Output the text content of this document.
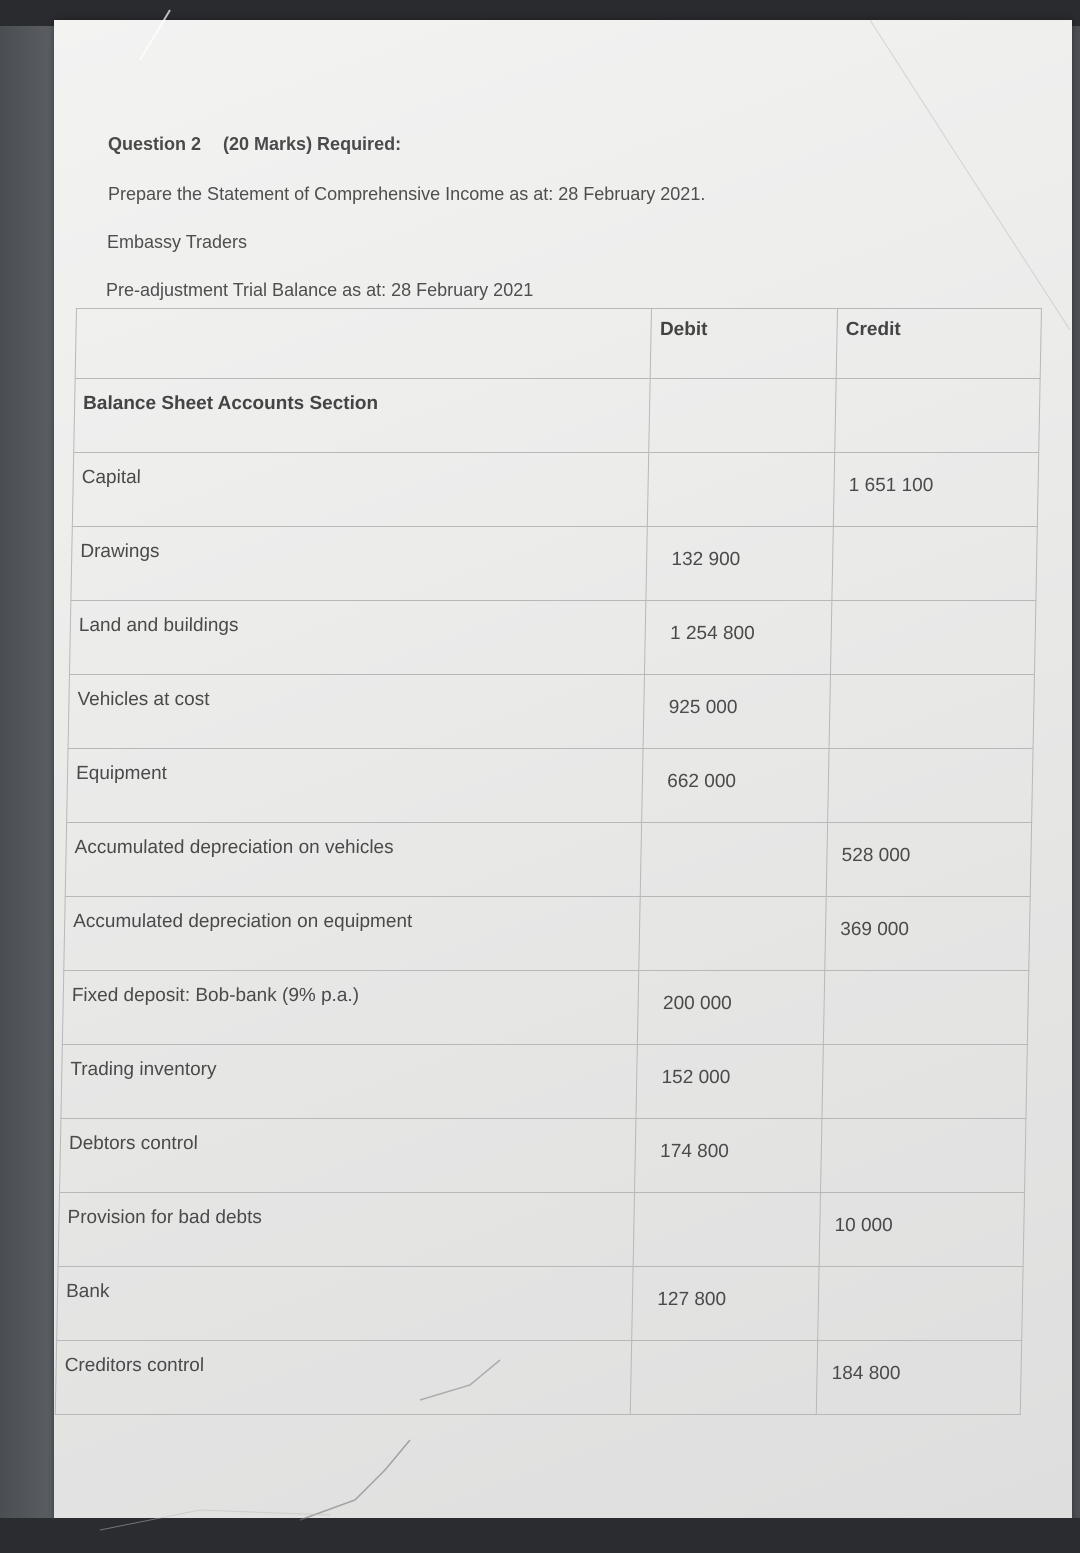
Question 2 (20 Marks) Required:
Prepare the Statement of Comprehensive Income as at: 28 February 2021.
Embassy Traders
Pre-adjustment Trial Balance as at: 28 February 2021
	Debit	Credit
Balance Sheet Accounts Section		
Capital		1 651 100
Drawings	132 900	
Land and buildings	1 254 800	
Vehicles at cost	925 000	
Equipment	662 000	
Accumulated depreciation on vehicles		528 000
Accumulated depreciation on equipment		369 000
Fixed deposit: Bob-bank (9% p.a.)	200 000	
Trading inventory	152 000	
Debtors control	174 800	
Provision for bad debts		10 000
Bank	127 800	
Creditors control		184 800
